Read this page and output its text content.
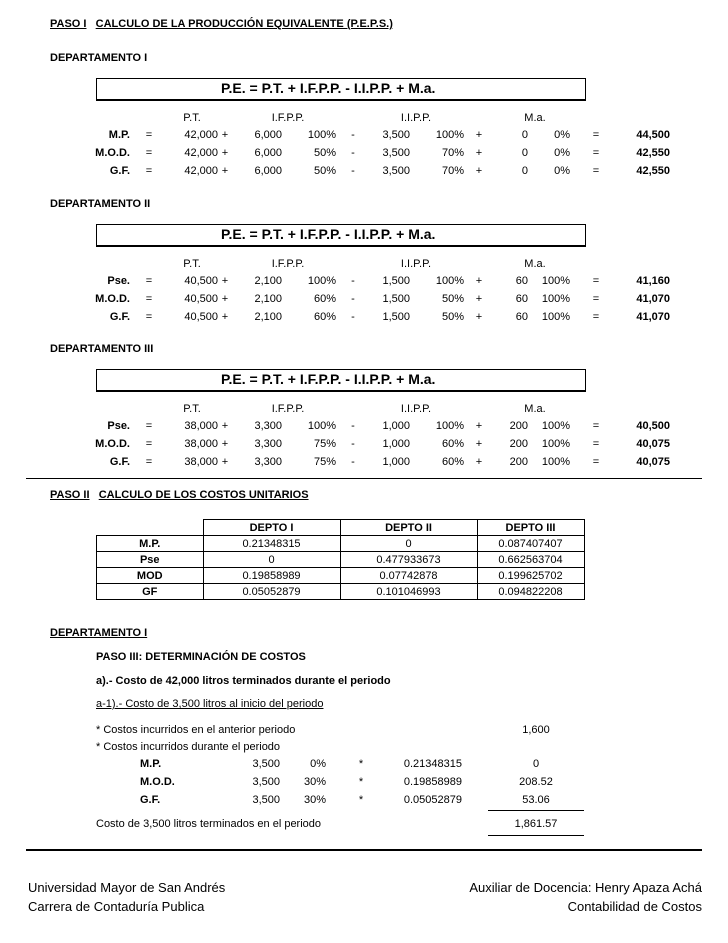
PASO I CALCULO DE LA PRODUCCIÓN EQUIVALENTE (P.E.P.S.)
DEPARTAMENTO I
P.E. = P.T. + I.F.P.P. - I.I.P.P. + M.a.
P.T.	I.F.P.P.	I.I.P.P.	M.a.
M.P. =	42,000 +	6,000	100%	-	3,500	100%	+	0	0%	=	44,500
M.O.D. =	42,000 +	6,000	50%	-	3,500	70%	+	0	0%	=	42,550
G.F. =	42,000 +	6,000	50%	-	3,500	70%	+	0	0%	=	42,550
DEPARTAMENTO II
P.E. = P.T. + I.F.P.P. - I.I.P.P. + M.a.
P.T.	I.F.P.P.	I.I.P.P.	M.a.
Pse. =	40,500 +	2,100	100%	-	1,500	100%	+	60	100%	=	41,160
M.O.D. =	40,500 +	2,100	60%	-	1,500	50%	+	60	100%	=	41,070
G.F. =	40,500 +	2,100	60%	-	1,500	50%	+	60	100%	=	41,070
DEPARTAMENTO III
P.E. = P.T. + I.F.P.P. - I.I.P.P. + M.a.
P.T.	I.F.P.P.	I.I.P.P.	M.a.
Pse. =	38,000 +	3,300	100%	-	1,000	100%	+	200	100%	=	40,500
M.O.D. =	38,000 +	3,300	75%	-	1,000	60%	+	200	100%	=	40,075
G.F. =	38,000 +	3,300	75%	-	1,000	60%	+	200	100%	=	40,075
PASO II CALCULO DE LOS COSTOS UNITARIOS
	DEPTO I	DEPTO II	DEPTO III
M.P.	0.21348315	0	0.087407407
Pse	0	0.477933673	0.662563704
MOD	0.19858989	0.07742878	0.199625702
GF	0.05052879	0.101046993	0.094822208
DEPARTAMENTO I
PASO III: DETERMINACIÓN DE COSTOS
a).- Costo de 42,000 litros terminados durante el periodo
a-1).- Costo de 3,500 litros al inicio del periodo
* Costos incurridos en el anterior periodo	1,600
* Costos incurridos durante el periodo
M.P.	3,500	0%	*	0.21348315	0
M.O.D.	3,500	30%	*	0.19858989	208.52
G.F.	3,500	30%	*	0.05052879	53.06
Costo de 3,500 litros terminados en el periodo	1,861.57
Universidad Mayor de San Andrés
Carrera de Contaduría Publica
Auxiliar de Docencia: Henry Apaza Achá
Contabilidad de Costos
